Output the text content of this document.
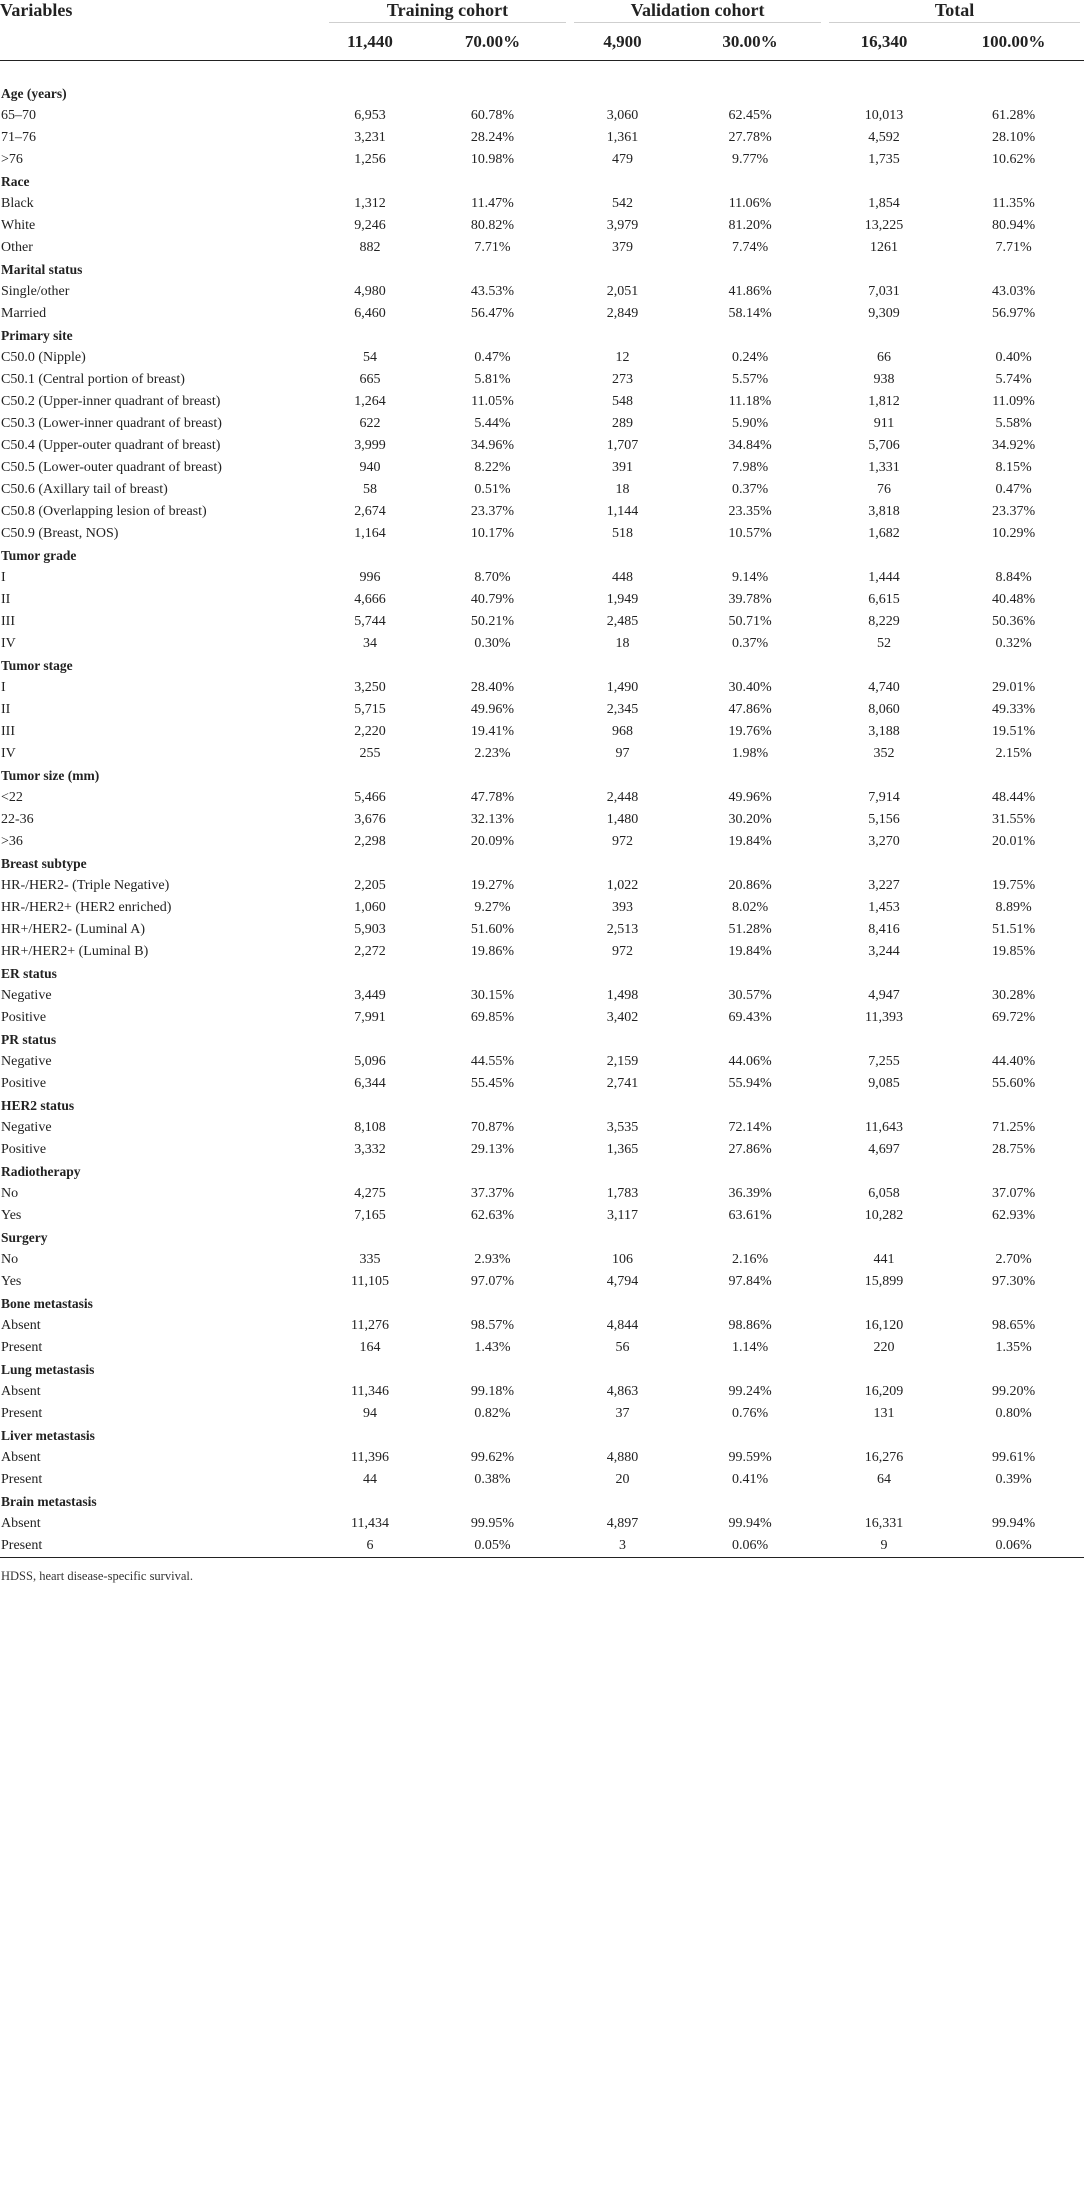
Variables	Training cohort		Validation cohort		Total	

	11,440	70.00%	4,900	30.00%	16,340	100.00%

Age (years)						
65–70	6,953	60.78%	3,060	62.45%	10,013	61.28%
71–76	3,231	28.24%	1,361	27.78%	4,592	28.10%
>76	1,256	10.98%	479	9.77%	1,735	10.62%
Race						
Black	1,312	11.47%	542	11.06%	1,854	11.35%
White	9,246	80.82%	3,979	81.20%	13,225	80.94%
Other	882	7.71%	379	7.74%	1261	7.71%
Marital status						
Single/other	4,980	43.53%	2,051	41.86%	7,031	43.03%
Married	6,460	56.47%	2,849	58.14%	9,309	56.97%
Primary site						
C50.0 (Nipple)	54	0.47%	12	0.24%	66	0.40%
C50.1 (Central portion of breast)	665	5.81%	273	5.57%	938	5.74%
C50.2 (Upper-inner quadrant of breast)	1,264	11.05%	548	11.18%	1,812	11.09%
C50.3 (Lower-inner quadrant of breast)	622	5.44%	289	5.90%	911	5.58%
C50.4 (Upper-outer quadrant of breast)	3,999	34.96%	1,707	34.84%	5,706	34.92%
C50.5 (Lower-outer quadrant of breast)	940	8.22%	391	7.98%	1,331	8.15%
C50.6 (Axillary tail of breast)	58	0.51%	18	0.37%	76	0.47%
C50.8 (Overlapping lesion of breast)	2,674	23.37%	1,144	23.35%	3,818	23.37%
C50.9 (Breast, NOS)	1,164	10.17%	518	10.57%	1,682	10.29%
Tumor grade						
I	996	8.70%	448	9.14%	1,444	8.84%
II	4,666	40.79%	1,949	39.78%	6,615	40.48%
III	5,744	50.21%	2,485	50.71%	8,229	50.36%
IV	34	0.30%	18	0.37%	52	0.32%
Tumor stage						
I	3,250	28.40%	1,490	30.40%	4,740	29.01%
II	5,715	49.96%	2,345	47.86%	8,060	49.33%
III	2,220	19.41%	968	19.76%	3,188	19.51%
IV	255	2.23%	97	1.98%	352	2.15%
Tumor size (mm)						
<22	5,466	47.78%	2,448	49.96%	7,914	48.44%
22-36	3,676	32.13%	1,480	30.20%	5,156	31.55%
>36	2,298	20.09%	972	19.84%	3,270	20.01%
Breast subtype						
HR-/HER2- (Triple Negative)	2,205	19.27%	1,022	20.86%	3,227	19.75%
HR-/HER2+ (HER2 enriched)	1,060	9.27%	393	8.02%	1,453	8.89%
HR+/HER2- (Luminal A)	5,903	51.60%	2,513	51.28%	8,416	51.51%
HR+/HER2+ (Luminal B)	2,272	19.86%	972	19.84%	3,244	19.85%
ER status						
Negative	3,449	30.15%	1,498	30.57%	4,947	30.28%
Positive	7,991	69.85%	3,402	69.43%	11,393	69.72%
PR status						
Negative	5,096	44.55%	2,159	44.06%	7,255	44.40%
Positive	6,344	55.45%	2,741	55.94%	9,085	55.60%
HER2 status						
Negative	8,108	70.87%	3,535	72.14%	11,643	71.25%
Positive	3,332	29.13%	1,365	27.86%	4,697	28.75%
Radiotherapy						
No	4,275	37.37%	1,783	36.39%	6,058	37.07%
Yes	7,165	62.63%	3,117	63.61%	10,282	62.93%
Surgery						
No	335	2.93%	106	2.16%	441	2.70%
Yes	11,105	97.07%	4,794	97.84%	15,899	97.30%
Bone metastasis						
Absent	11,276	98.57%	4,844	98.86%	16,120	98.65%
Present	164	1.43%	56	1.14%	220	1.35%
Lung metastasis						
Absent	11,346	99.18%	4,863	99.24%	16,209	99.20%
Present	94	0.82%	37	0.76%	131	0.80%
Liver metastasis						
Absent	11,396	99.62%	4,880	99.59%	16,276	99.61%
Present	44	0.38%	20	0.41%	64	0.39%
Brain metastasis						
Absent	11,434	99.95%	4,897	99.94%	16,331	99.94%
Present	6	0.05%	3	0.06%	9	0.06%
HDSS, heart disease-specific survival.
